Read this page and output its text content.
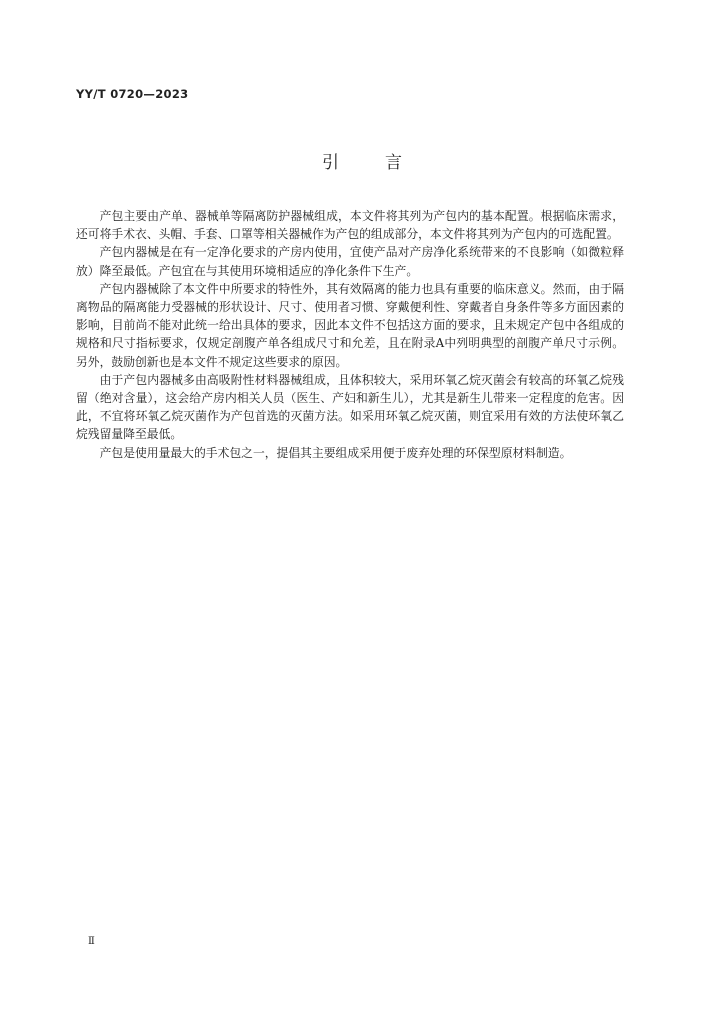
YY/T 0720—2023
引言

产包主要由产单、器械单等隔离防护器械组成，本文件将其列为产包内的基本配置。根据临床需求，还可将手术衣、头帽、手套、口罩等相关器械作为产包的组成部分，本文件将其列为产包内的可选配置。

产包内器械是在有一定净化要求的产房内使用，宜使产品对产房净化系统带来的不良影响（如微粒释放）降至最低。产包宜在与其使用环境相适应的净化条件下生产。

产包内器械除了本文件中所要求的特性外，其有效隔离的能力也具有重要的临床意义。然而，由于隔离物品的隔离能力受器械的形状设计、尺寸、使用者习惯、穿戴便利性、穿戴者自身条件等多方面因素的影响，目前尚不能对此统一给出具体的要求，因此本文件不包括这方面的要求，且未规定产包中各组成的规格和尺寸指标要求，仅规定剖腹产单各组成尺寸和允差，且在附录A中列明典型的剖腹产单尺寸示例。另外，鼓励创新也是本文件不规定这些要求的原因。

由于产包内器械多由高吸附性材料器械组成，且体积较大，采用环氧乙烷灭菌会有较高的环氧乙烷残留（绝对含量），这会给产房内相关人员（医生、产妇和新生儿），尤其是新生儿带来一定程度的危害。因此，不宜将环氧乙烷灭菌作为产包首选的灭菌方法。如采用环氧乙烷灭菌，则宜采用有效的方法使环氧乙烷残留量降至最低。

产包是使用量最大的手术包之一，提倡其主要组成采用便于废弃处理的环保型原材料制造。

Ⅱ
